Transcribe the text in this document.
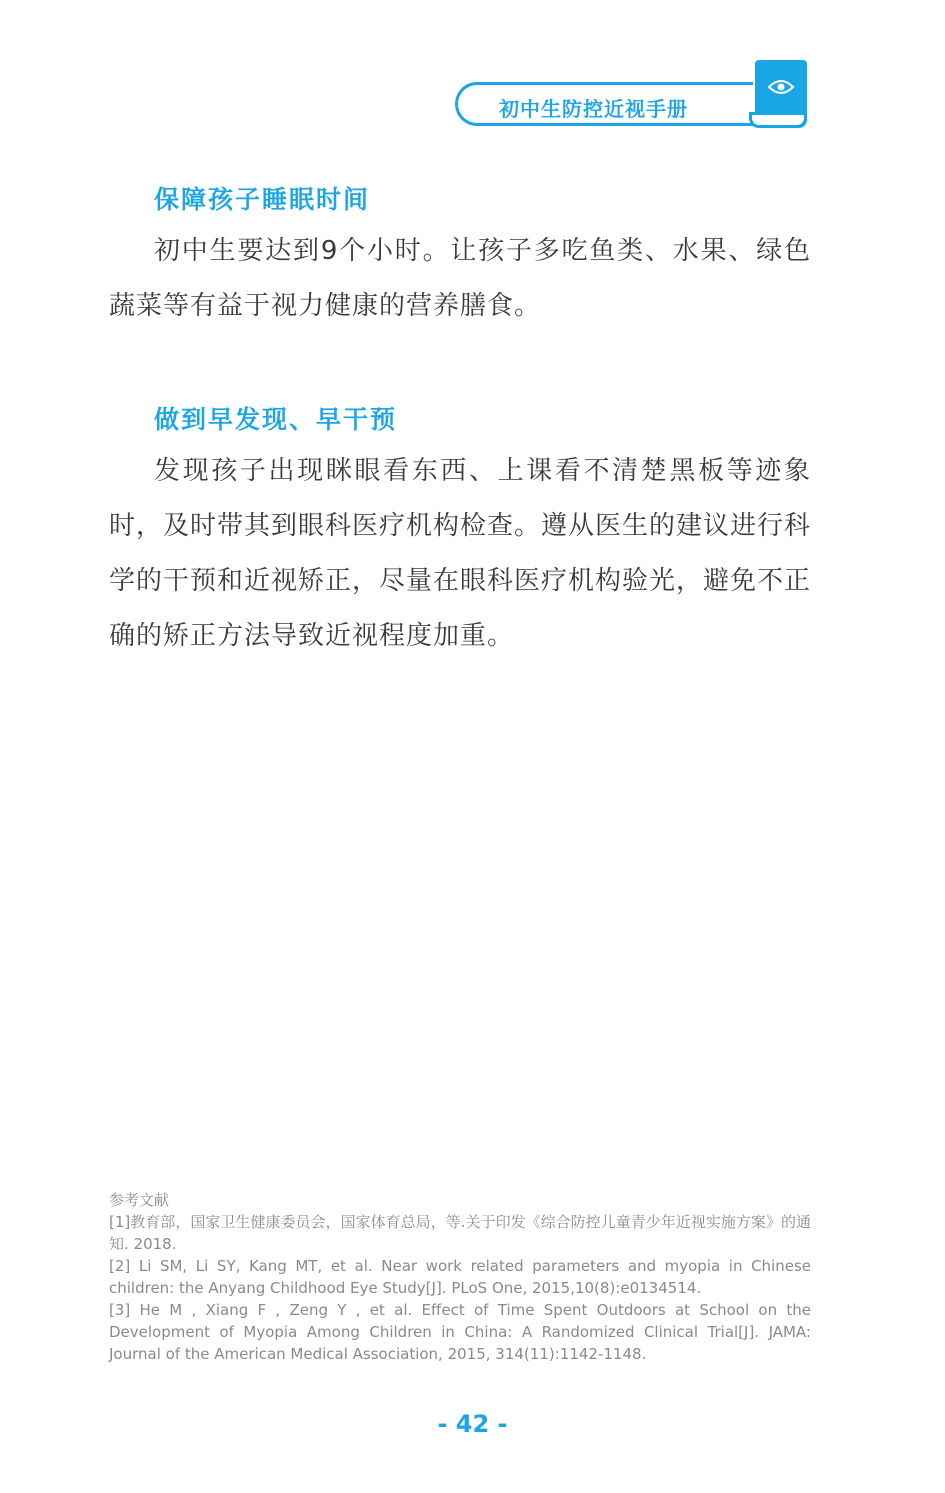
初中生防控近视手册
保障孩子睡眠时间
初中生要达到9个小时。让孩子多吃鱼类、水果、绿色蔬菜等有益于视力健康的营养膳食。
做到早发现、早干预
发现孩子出现眯眼看东西、上课看不清楚黑板等迹象时，及时带其到眼科医疗机构检查。遵从医生的建议进行科学的干预和近视矫正，尽量在眼科医疗机构验光，避免不正确的矫正方法导致近视程度加重。
参考文献
[1]教育部，国家卫生健康委员会，国家体育总局，等.关于印发《综合防控儿童青少年近视实施方案》的通知. 2018.
[2] Li SM, Li SY, Kang MT, et al. Near work related parameters and myopia in Chinese children: the Anyang Childhood Eye Study[J]. PLoS One, 2015,10(8):e0134514.
[3] He M , Xiang F , Zeng Y , et al. Effect of Time Spent Outdoors at School on the Development of Myopia Among Children in China: A Randomized Clinical Trial[J]. JAMA: Journal of the American Medical Association, 2015, 314(11):1142-1148.
- 42 -
